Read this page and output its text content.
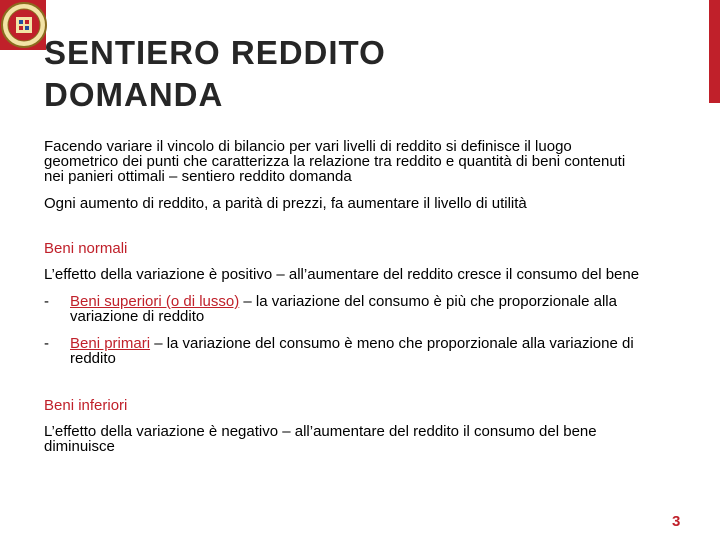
SENTIERO REDDITO
DOMANDA

Facendo variare il vincolo di bilancio per vari livelli di reddito si definisce il luogo geometrico dei punti che caratterizza la relazione tra reddito e quantità di beni contenuti nei panieri ottimali – sentiero reddito domanda

Ogni aumento di reddito, a parità di prezzi, fa aumentare il livello di utilità

Beni normali

L’effetto della variazione è positivo – all’aumentare del reddito cresce il consumo del bene

- Beni superiori (o di lusso) – la variazione del consumo è più che proporzionale alla variazione di reddito
- Beni primari – la variazione del consumo è meno che proporzionale alla variazione di reddito

Beni inferiori

L’effetto della variazione è negativo – all’aumentare del reddito il consumo del bene diminuisce

3
